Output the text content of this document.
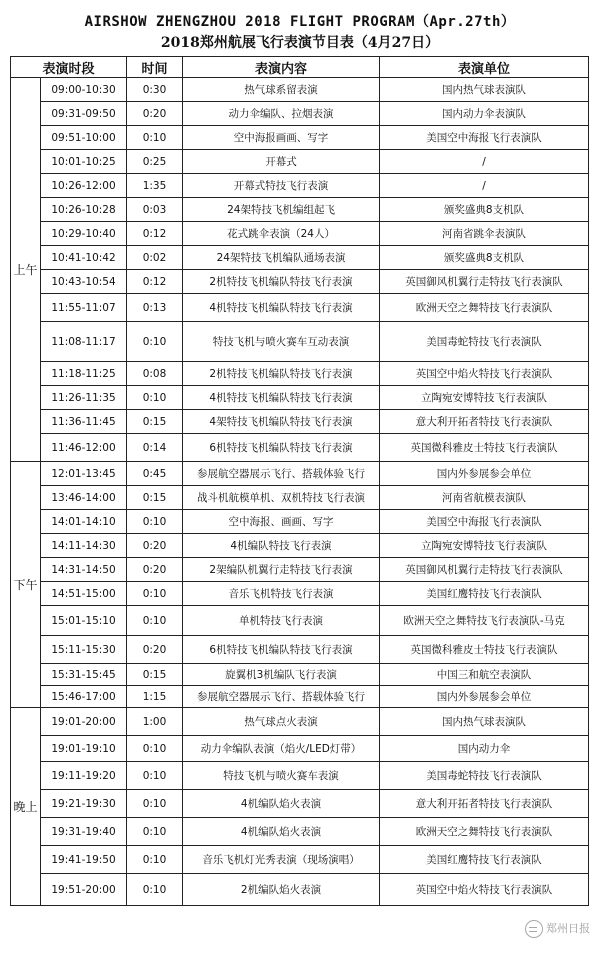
AIRSHOW ZHENGZHOU 2018 FLIGHT PROGRAM（Apr.27th）
2018郑州航展飞行表演节目表（4月27日）
表演时段		时间	表演内容	表演单位
上午	09:00-10:30	0:30	热气球系留表演	国内热气球表演队
	09:31-09:50	0:20	动力伞编队、拉烟表演	国内动力伞表演队
	09:51-10:00	0:10	空中海报画画、写字	美国空中海报飞行表演队
	10:01-10:25	0:25	开幕式	/
	10:26-12:00	1:35	开幕式特技飞行表演	/
	10:26-10:28	0:03	24架特技飞机编组起飞	颁奖盛典8支机队
	10:29-10:40	0:12	花式跳伞表演（24人）	河南省跳伞表演队
	10:41-10:42	0:02	24架特技飞机编队通场表演	颁奖盛典8支机队
	10:43-10:54	0:12	2机特技飞机编队特技飞行表演	英国御风机翼行走特技飞行表演队
	11:55-11:07	0:13	4机特技飞机编队特技飞行表演	欧洲天空之舞特技飞行表演队
	11:08-11:17	0:10	特技飞机与喷火赛车互动表演	美国毒蛇特技飞行表演队
	11:18-11:25	0:08	2机特技飞机编队特技飞行表演	英国空中焰火特技飞行表演队
	11:26-11:35	0:10	4机特技飞机编队特技飞行表演	立陶宛安博特技飞行表演队
	11:36-11:45	0:15	4架特技飞机编队特技飞行表演	意大利开拓者特技飞行表演队
	11:46-12:00	0:14	6机特技飞机编队特技飞行表演	英国微科雅皮士特技飞行表演队
下午	12:01-13:45	0:45	参展航空器展示飞行、搭载体验飞行	国内外参展参会单位
	13:46-14:00	0:15	战斗机航模单机、双机特技飞行表演	河南省航模表演队
	14:01-14:10	0:10	空中海报、画画、写字	美国空中海报飞行表演队
	14:11-14:30	0:20	4机编队特技飞行表演	立陶宛安博特技飞行表演队
	14:31-14:50	0:20	2架编队机翼行走特技飞行表演	英国御风机翼行走特技飞行表演队
	14:51-15:00	0:10	音乐飞机特技飞行表演	美国红鹰特技飞行表演队
	15:01-15:10	0:10	单机特技飞行表演	欧洲天空之舞特技飞行表演队-马克
	15:11-15:30	0:20	6机特技飞机编队特技飞行表演	英国微科雅皮士特技飞行表演队
	15:31-15:45	0:15	旋翼机3机编队飞行表演	中国三和航空表演队
	15:46-17:00	1:15	参展航空器展示飞行、搭载体验飞行	国内外参展参会单位
晚上	19:01-20:00	1:00	热气球点火表演	国内热气球表演队
	19:01-19:10	0:10	动力伞编队表演（焰火/LED灯带）	国内动力伞
	19:11-19:20	0:10	特技飞机与喷火赛车表演	美国毒蛇特技飞行表演队
	19:21-19:30	0:10	4机编队焰火表演	意大利开拓者特技飞行表演队
	19:31-19:40	0:10	4机编队焰火表演	欧洲天空之舞特技飞行表演队
	19:41-19:50	0:10	音乐飞机灯光秀表演（现场演唱）	美国红鹰特技飞行表演队
	19:51-20:00	0:10	2机编队焰火表演	英国空中焰火特技飞行表演队
郑州日报
